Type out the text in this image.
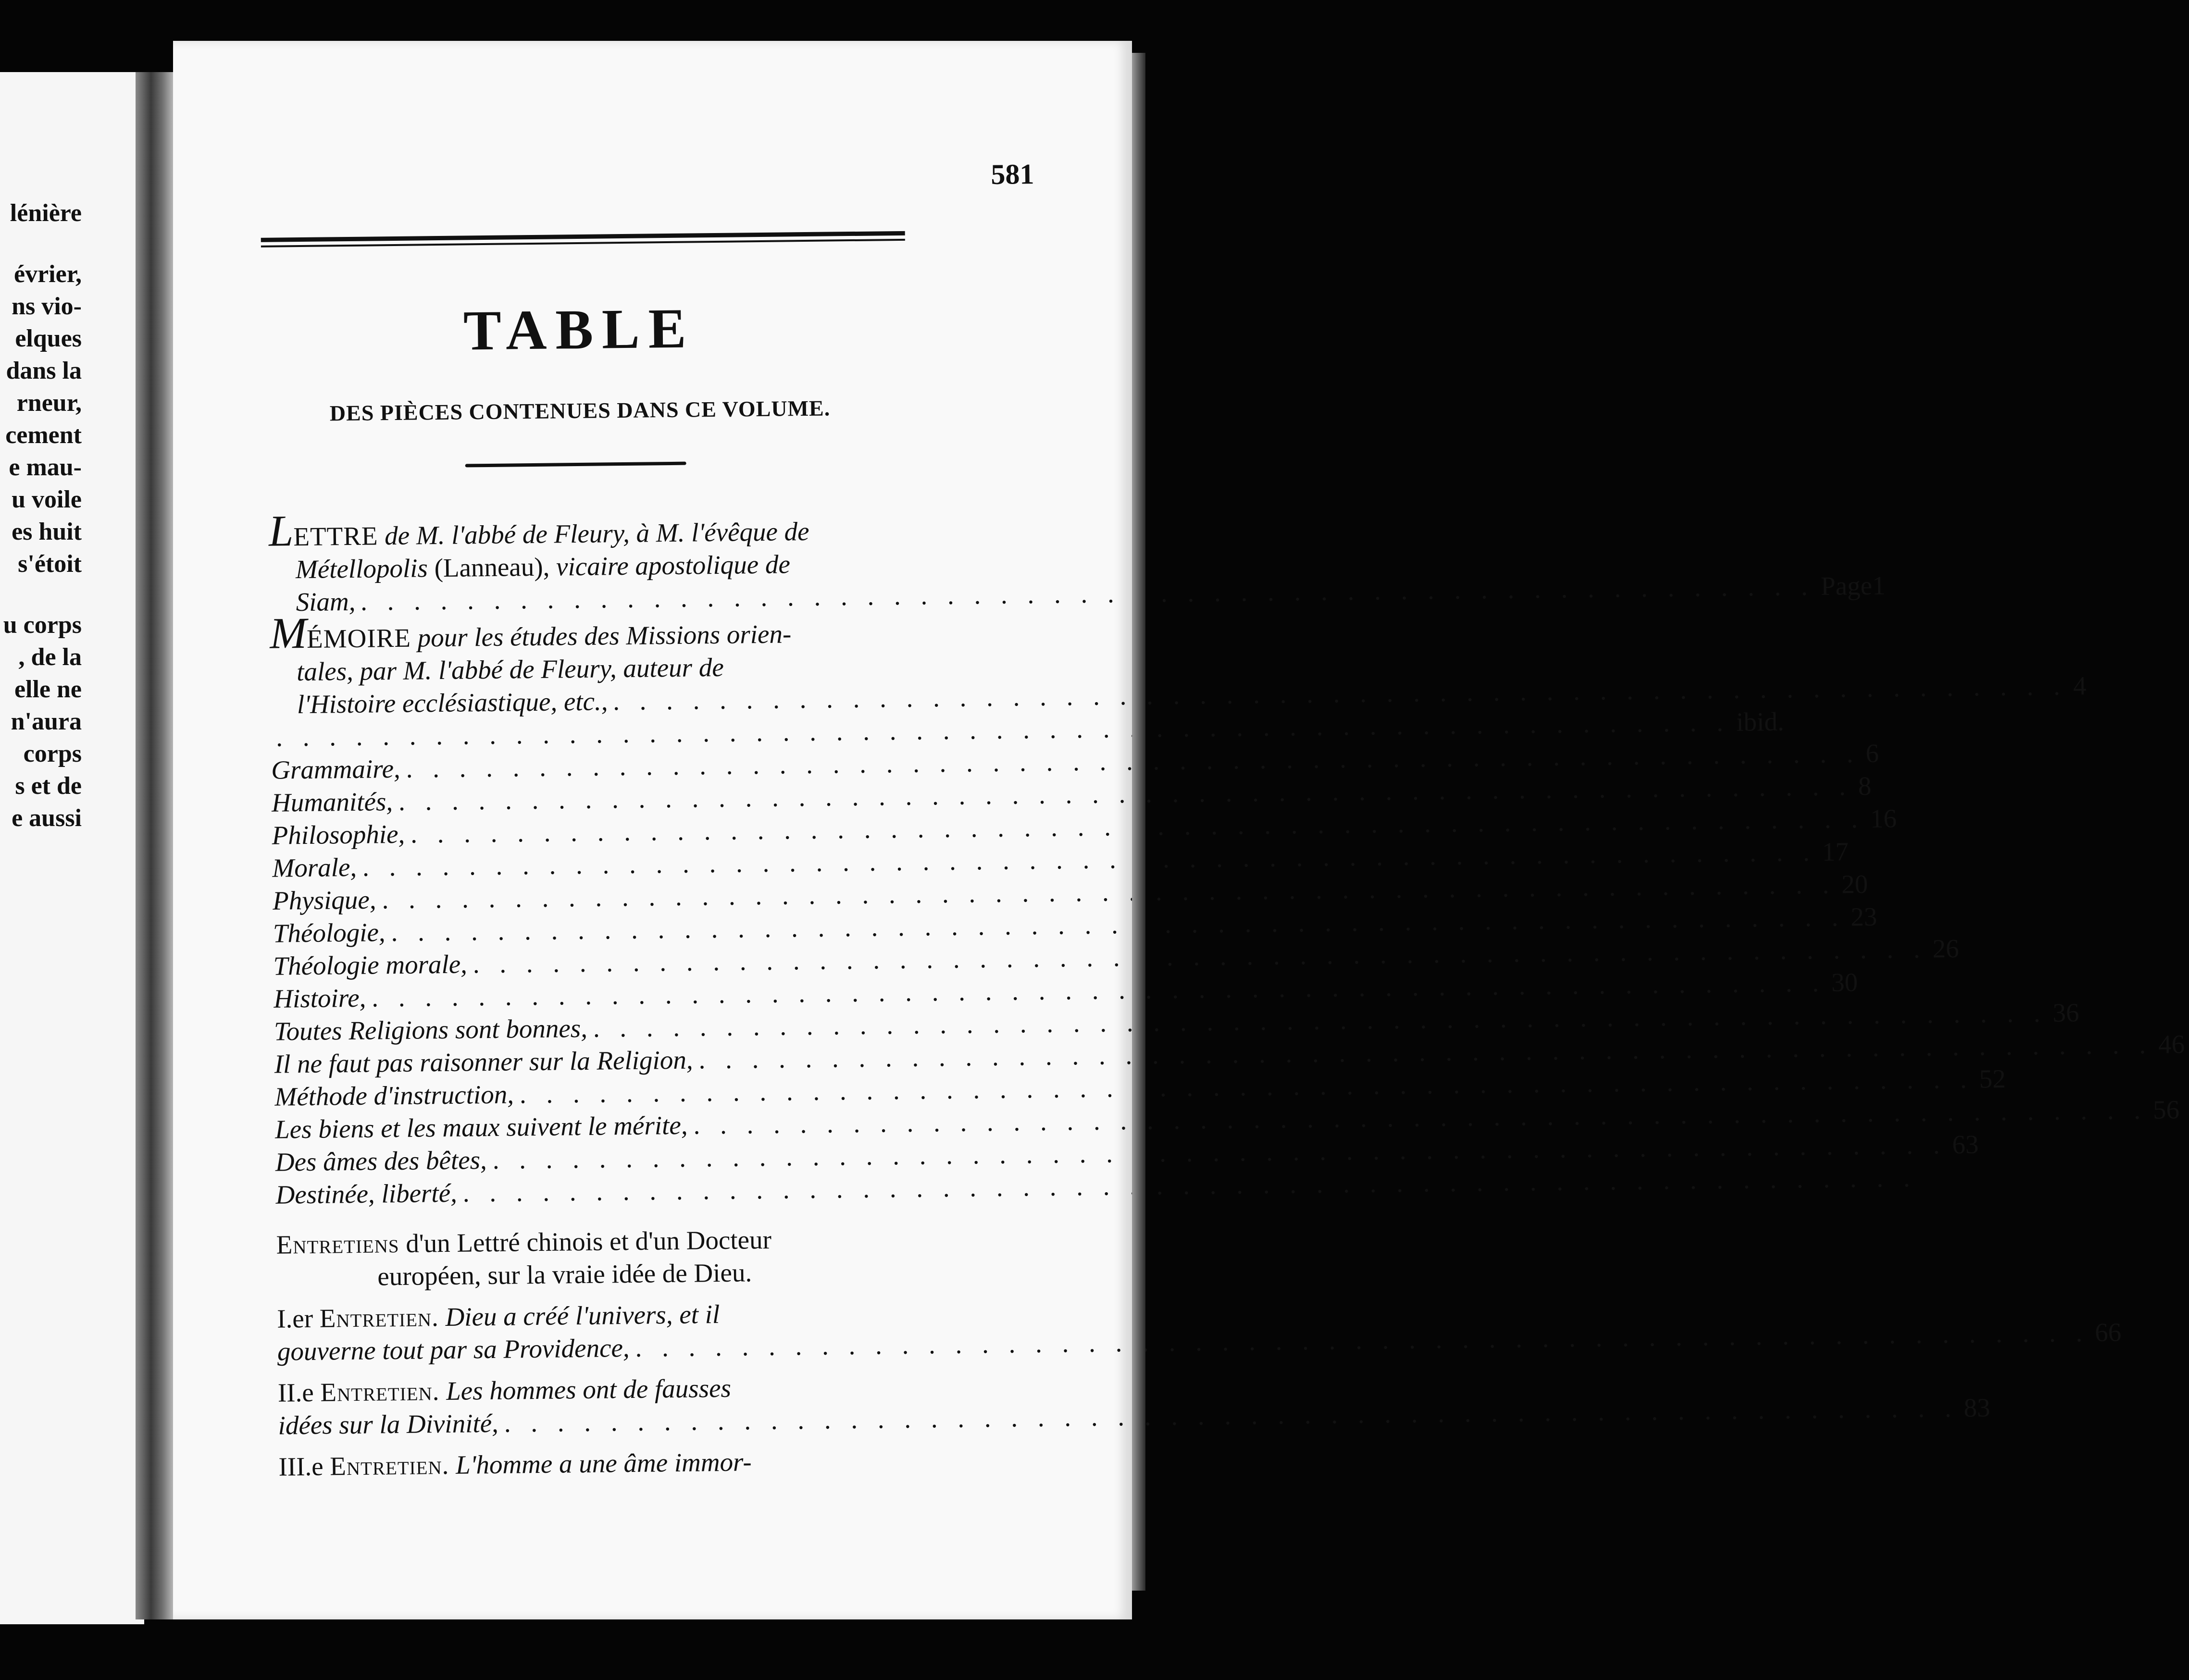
lénière
évrier,
ns vio-
elques
dans la
rneur,
cement
e mau-
u voile
es huit
s'étoit
u corps
, de la
elle ne
n'aura
corps
s et de
e aussi
581
TABLE
DES PIÈCES CONTENUES DANS CE VOLUME.
LETTRE de M. l'abbé de Fleury, à M. l'évêque de
Métellopolis (Lanneau), vicaire apostolique de
Siam, . . .Page1
MÉMOIRE pour les études des Missions orien-
tales, par M. l'abbé de Fleury, auteur de
l'Histoire ecclésiastique, etc., . . .4
. . .
ibid.
Grammaire,
. . .
6
Humanités,
. . .
8
Philosophie,
. . .
16
Morale,
. . .
17
Physique,
. . .
20
Théologie,
. . .
23
Théologie morale,
. . .
26
Histoire,
. . .
30
Toutes Religions sont bonnes,
. . .
36
Il ne faut pas raisonner sur la Religion,
. . .
46
Méthode d'instruction,
. . .
52
Les biens et les maux suivent le mérite,
. . .
56
Des âmes des bêtes,
. . .
63
Destinée, liberté,
. . .
Entretiens d'un Lettré chinois et d'un Docteur
européen, sur la vraie idée de Dieu.
I.er Entretien. Dieu a créé l'univers, et il
gouverne tout par sa Providence,
. . .
66
II.e Entretien. Les hommes ont de fausses
idées sur la Divinité,
. . .
83
III.e Entretien. L'homme a une âme immor-
